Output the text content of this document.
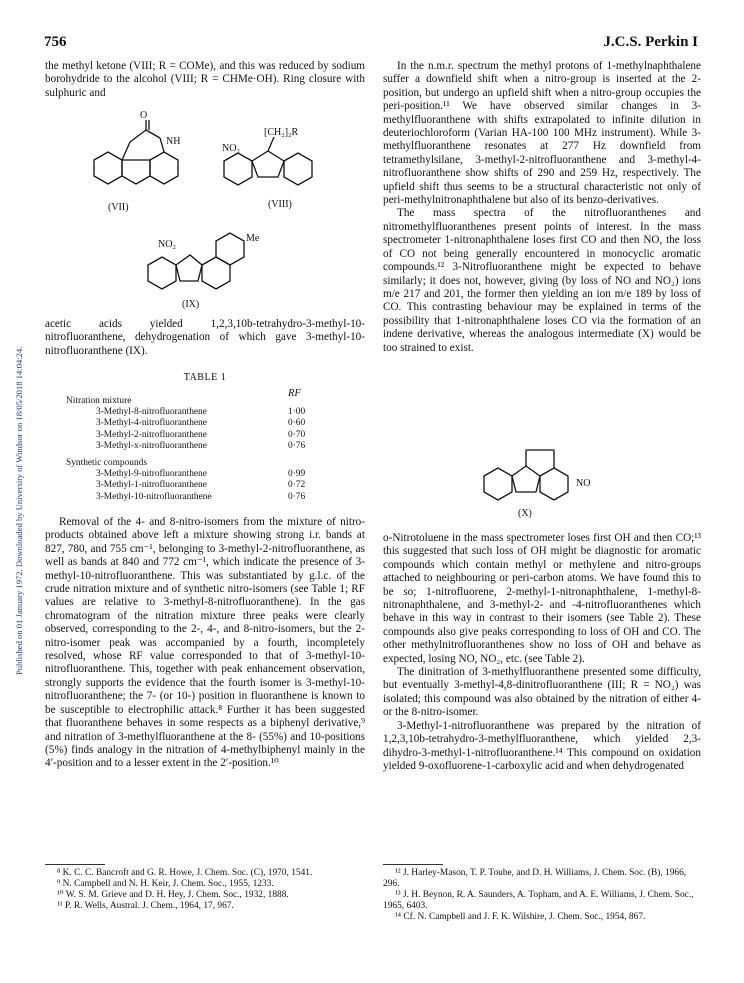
756	J.C.S. Perkin I
Published on 01 January 1972. Downloaded by University of Windsor on 18/05/2018 14:04:24.

the methyl ketone (VIII; R = COMe), and this was reduced by sodium borohydride to the alcohol (VIII; R = CHMe·OH). Ring closure with sulphuric and

O
NH
(VII)
[CH₂]₂R
NO₂
(VIII)
NO₂
Me
(IX)

acetic acids yielded 1,2,3,10b-tetrahydro-3-methyl-10-nitrofluoranthene, dehydrogenation of which gave 3-methyl-10-nitrofluoranthene (IX).

TABLE 1
RF
Nitration mixture
3-Methyl-8-nitrofluoranthene	1·00
3-Methyl-4-nitrofluoranthene	0·60
3-Methyl-2-nitrofluoranthene	0·70
3-Methyl-x-nitrofluoranthene	0·76
Synthetic compounds
3-Methyl-9-nitrofluoranthene	0·99
3-Methyl-1-nitrofluoranthene	0·72
3-Methyl-10-nitrofluoranthene	0·76

Removal of the 4- and 8-nitro-isomers from the mixture of nitro-products obtained above left a mixture showing strong i.r. bands at 827, 780, and 755 cm⁻¹, belonging to 3-methyl-2-nitrofluoranthene, as well as bands at 840 and 772 cm⁻¹, which indicate the presence of 3-methyl-10-nitrofluoranthene. This was substantiated by g.l.c. of the crude nitration mixture and of synthetic nitro-isomers (see Table 1; RF values are relative to 3-methyl-8-nitrofluoranthene). In the gas chromatogram of the nitration mixture three peaks were clearly observed, corresponding to the 2-, 4-, and 8-nitro-isomers, but the 2-nitro-isomer peak was accompanied by a fourth, incompletely resolved, whose RF value corresponded to that of 3-methyl-10-nitrofluoranthene. This, together with peak enhancement observation, strongly supports the evidence that the fourth isomer is 3-methyl-10-nitrofluoranthene; the 7- (or 10-) position in fluoranthene is known to be susceptible to electrophilic attack.⁸ Further it has been suggested that fluoranthene behaves in some respects as a biphenyl derivative,⁹ and nitration of 3-methylfluoranthene at the 8- (55%) and 10-positions (5%) finds analogy in the nitration of 4-methylbiphenyl mainly in the 4′-position and to a lesser extent in the 2′-position.¹⁰

⁸ K. C. C. Bancroft and G. R. Howe, J. Chem. Soc. (C), 1970, 1541.
⁹ N. Campbell and N. H. Keir, J. Chem. Soc., 1955, 1233.
¹⁰ W. S. M. Grieve and D. H. Hey, J. Chem. Soc., 1932, 1888.
¹¹ P. R. Wells, Austral. J. Chem., 1964, 17, 967.

In the n.m.r. spectrum the methyl protons of 1-methylnaphthalene suffer a downfield shift when a nitro-group is inserted at the 2-position, but undergo an upfield shift when a nitro-group occupies the peri-position.¹¹ We have observed similar changes in 3-methylfluoranthene with shifts extrapolated to infinite dilution in deuteriochloroform (Varian HA-100 100 MHz instrument). While 3-methylfluoranthene resonates at 277 Hz downfield from tetramethylsilane, 3-methyl-2-nitrofluoranthene and 3-methyl-4-nitrofluoranthene show shifts of 290 and 259 Hz, respectively. The upfield shift thus seems to be a structural characteristic not only of peri-methylnitronaphthalene but also of its benzo-derivatives.

The mass spectra of the nitrofluoranthenes and nitromethylfluoranthenes present points of interest. In the mass spectrometer 1-nitronaphthalene loses first CO and then NO, the loss of CO not being generally encountered in monocyclic aromatic compounds.¹² 3-Nitrofluoranthene might be expected to behave similarly; it does not, however, giving (by loss of NO and NO₂) ions m/e 217 and 201, the former then yielding an ion m/e 189 by loss of CO. This contrasting behaviour may be explained in terms of the possibility that 1-nitronaphthalene loses CO via the formation of an indene derivative, whereas the analogous intermediate (X) would be too strained to exist.

NO
(X)

o-Nitrotoluene in the mass spectrometer loses first OH and then CO;¹³ this suggested that such loss of OH might be diagnostic for aromatic compounds which contain methyl or methylene and nitro-groups attached to neighbouring or peri-carbon atoms. We have found this to be so; 1-nitrofluorene, 2-methyl-1-nitronaphthalene, 1-methyl-8-nitronaphthalene, and 3-methyl-2- and -4-nitrofluoranthenes which behave in this way in contrast to their isomers (see Table 2). These compounds also give peaks corresponding to loss of OH and CO. The other methylnitrofluoranthenes show no loss of OH and behave as expected, losing NO, NO₂, etc. (see Table 2).

The dinitration of 3-methylfluoranthene presented some difficulty, but eventually 3-methyl-4,8-dinitrofluoranthene (III; R = NO₂) was isolated; this compound was also obtained by the nitration of either 4- or the 8-nitro-isomer.

3-Methyl-1-nitrofluoranthene was prepared by the nitration of 1,2,3,10b-tetrahydro-3-methylfluoranthene, which yielded 2,3-dihydro-3-methyl-1-nitrofluoranthene.¹⁴ This compound on oxidation yielded 9-oxofluorene-1-carboxylic acid and when dehydrogenated

¹² J. Harley-Mason, T. P. Toube, and D. H. Williams, J. Chem. Soc. (B), 1966, 296.
¹³ J. H. Beynon, R. A. Saunders, A. Topham, and A. E. Williams, J. Chem. Soc., 1965, 6403.
¹⁴ Cf. N. Campbell and J. F. K. Wilshire, J. Chem. Soc., 1954, 867.
